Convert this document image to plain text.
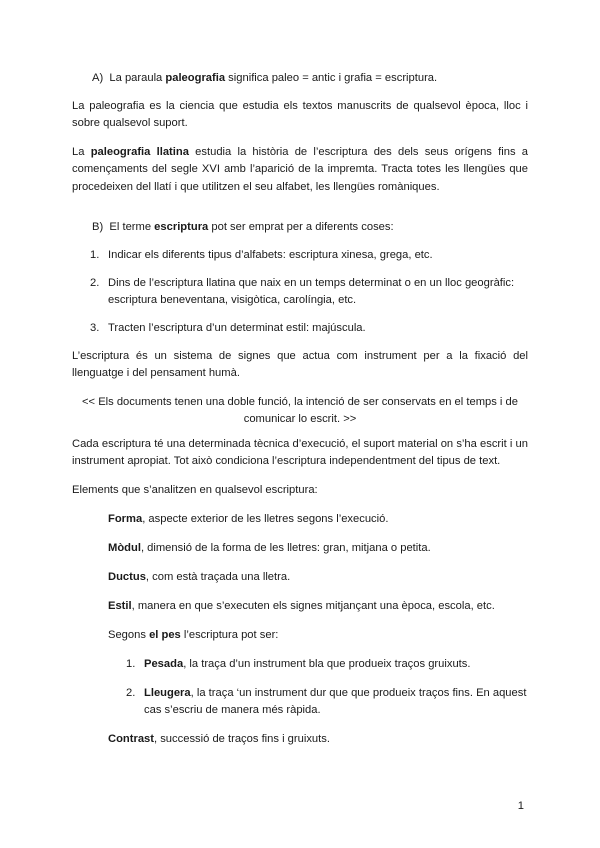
A) La paraula paleografia significa paleo = antic i grafia = escriptura.

La paleografia es la ciencia que estudia els textos manuscrits de qualsevol època, lloc i sobre qualsevol suport.

La paleografia llatina estudia la història de l’escriptura des dels seus orígens fins a començaments del segle XVI amb l’aparició de la impremta. Tracta totes les llengües que procedeixen del llatí i que utilitzen el seu alfabet, les llengües romàniques.

B) El terme escriptura pot ser emprat per a diferents coses:

1. Indicar els diferents tipus d’alfabets: escriptura xinesa, grega, etc.
2. Dins de l’escriptura llatina que naix en un temps determinat o en un lloc geogràfic: escriptura beneventana, visigòtica, carolíngia, etc.
3. Tracten l’escriptura d’un determinat estil: majúscula.

L’escriptura és un sistema de signes que actua com instrument per a la fixació del llenguatge i del pensament humà.

<< Els documents tenen una doble funció, la intenció de ser conservats en el temps i de comunicar lo escrit. >>

Cada escriptura té una determinada tècnica d’execució, el suport material on s’ha escrit i un instrument apropiat. Tot això condiciona l’escriptura independentment del tipus de text.

Elements que s’analitzen en qualsevol escriptura:

Forma, aspecte exterior de les lletres segons l’execució.

Mòdul, dimensió de la forma de les lletres: gran, mitjana o petita.

Ductus, com està traçada una lletra.

Estil, manera en que s’executen els signes mitjançant una època, escola, etc.

Segons el pes l’escriptura pot ser:

1. Pesada, la traça d’un instrument bla que produeix traços gruixuts.
2. Lleugera, la traça ‘un instrument dur que que produeix traços fins. En aquest cas s’escriu de manera més ràpida.

Contrast, successió de traços fins i gruixuts.

1
